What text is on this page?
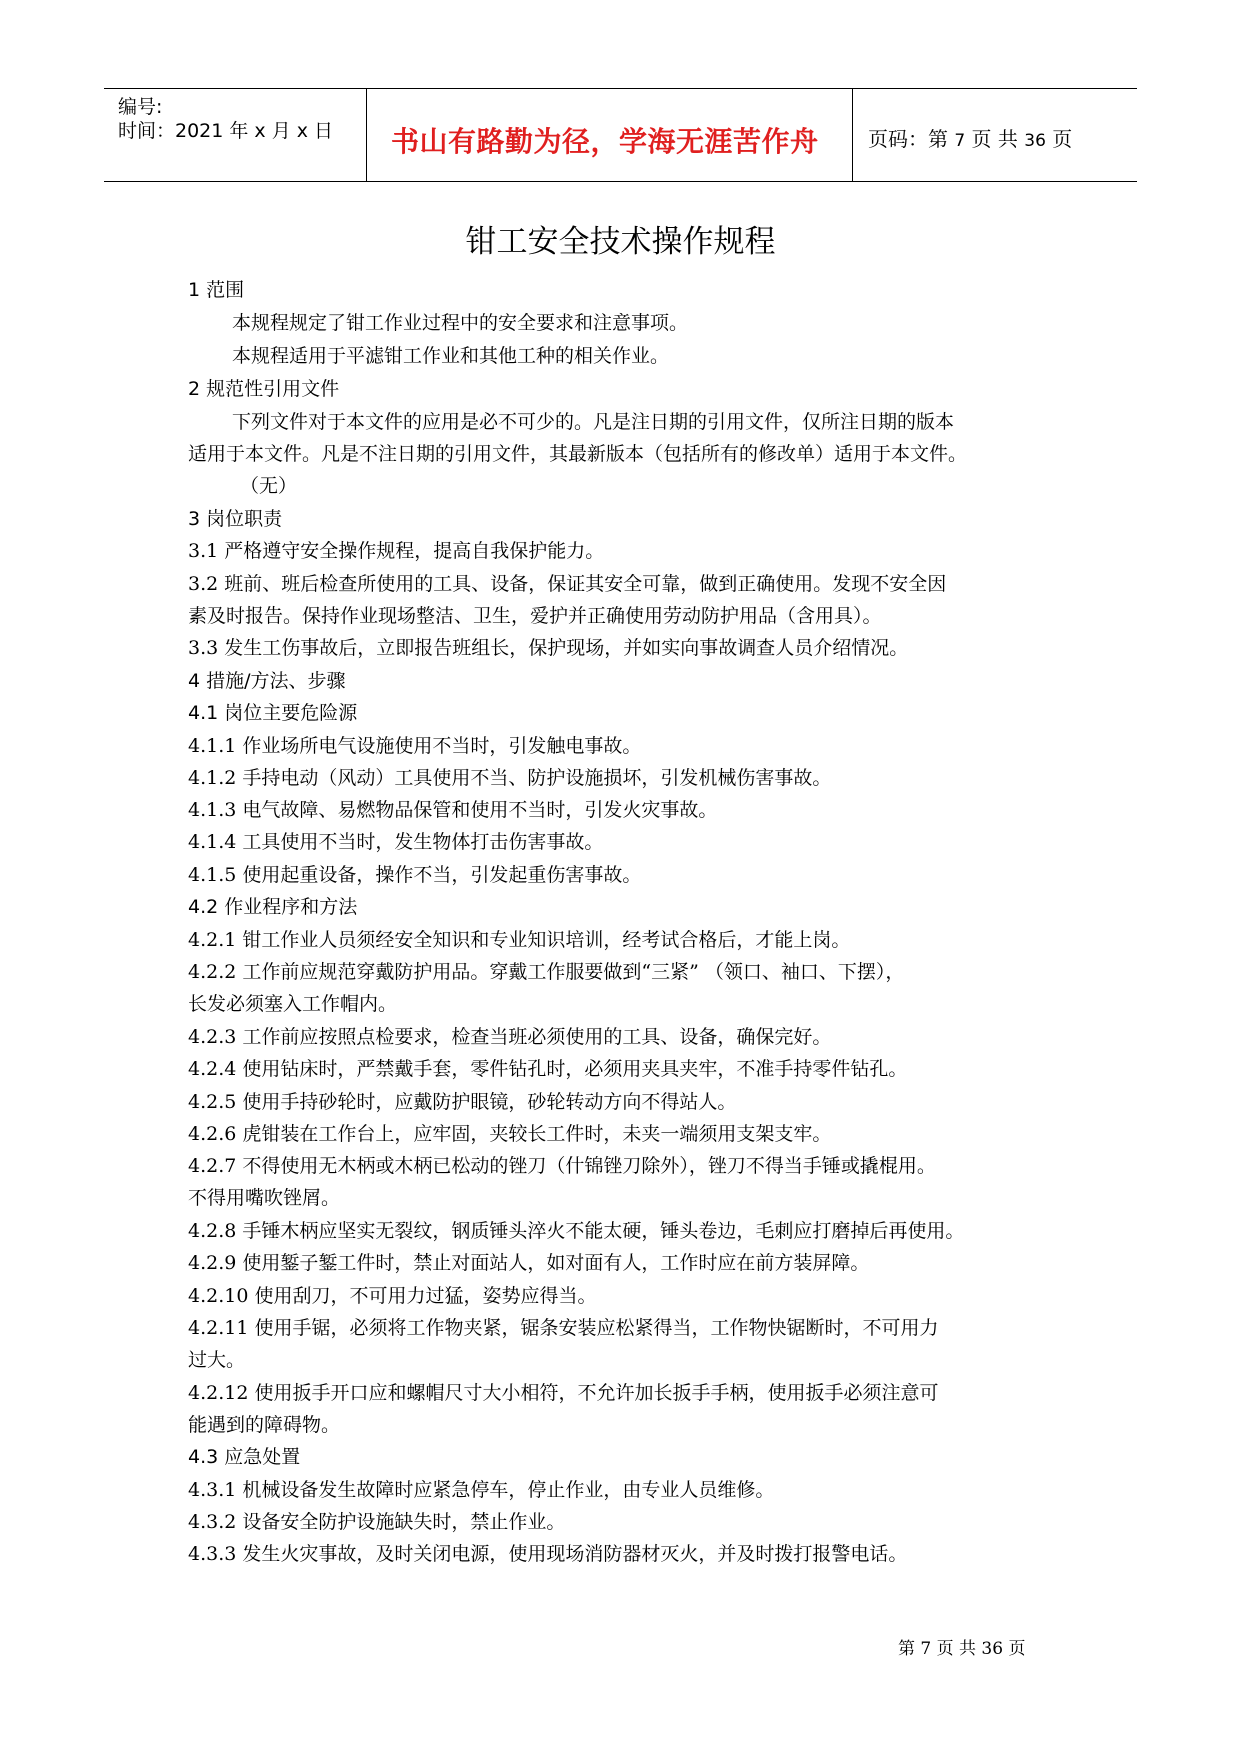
编号:
时间：2021 年 x 月 x 日 书山有路勤为径，学海无涯苦作舟 页码：第 7 页 共 36 页
钳工安全技术操作规程
1 范围
本规程规定了钳工作业过程中的安全要求和注意事项。
本规程适用于平滤钳工作业和其他工种的相关作业。
2 规范性引用文件
下列文件对于本文件的应用是必不可少的。凡是注日期的引用文件，仅所注日期的版本
适用于本文件。凡是不注日期的引用文件，其最新版本（包括所有的修改单）适用于本文件。
（无）
3 岗位职责
3.1 严格遵守安全操作规程，提高自我保护能力。
3.2 班前、班后检查所使用的工具、设备，保证其安全可靠，做到正确使用。发现不安全因
素及时报告。保持作业现场整洁、卫生，爱护并正确使用劳动防护用品（含用具）。
3.3 发生工伤事故后，立即报告班组长，保护现场，并如实向事故调查人员介绍情况。
4 措施/方法、步骤
4.1 岗位主要危险源
4.1.1 作业场所电气设施使用不当时，引发触电事故。
4.1.2 手持电动（风动）工具使用不当、防护设施损坏，引发机械伤害事故。
4.1.3 电气故障、易燃物品保管和使用不当时，引发火灾事故。
4.1.4 工具使用不当时，发生物体打击伤害事故。
4.1.5 使用起重设备，操作不当，引发起重伤害事故。
4.2 作业程序和方法
4.2.1 钳工作业人员须经安全知识和专业知识培训，经考试合格后，才能上岗。
4.2.2 工作前应规范穿戴防护用品。穿戴工作服要做到“三紧” （领口、袖口、下摆），
长发必须塞入工作帽内。
4.2.3 工作前应按照点检要求，检查当班必须使用的工具、设备，确保完好。
4.2.4 使用钻床时，严禁戴手套，零件钻孔时，必须用夹具夹牢，不准手持零件钻孔。
4.2.5 使用手持砂轮时，应戴防护眼镜，砂轮转动方向不得站人。
4.2.6 虎钳装在工作台上，应牢固，夹较长工件时，未夹一端须用支架支牢。
4.2.7 不得使用无木柄或木柄已松动的锉刀（什锦锉刀除外），锉刀不得当手锤或撬棍用。
不得用嘴吹锉屑。
4.2.8 手锤木柄应坚实无裂纹，钢质锤头淬火不能太硬，锤头卷边，毛刺应打磨掉后再使用。
4.2.9 使用錾子錾工件时，禁止对面站人，如对面有人，工作时应在前方装屏障。
4.2.10 使用刮刀，不可用力过猛，姿势应得当。
4.2.11 使用手锯，必须将工作物夹紧，锯条安装应松紧得当，工作物快锯断时，不可用力
过大。
4.2.12 使用扳手开口应和螺帽尺寸大小相符，不允许加长扳手手柄，使用扳手必须注意可
能遇到的障碍物。
4.3 应急处置
4.3.1 机械设备发生故障时应紧急停车，停止作业，由专业人员维修。
4.3.2 设备安全防护设施缺失时，禁止作业。
4.3.3 发生火灾事故，及时关闭电源，使用现场消防器材灭火，并及时拨打报警电话。
第 7 页 共 36 页
